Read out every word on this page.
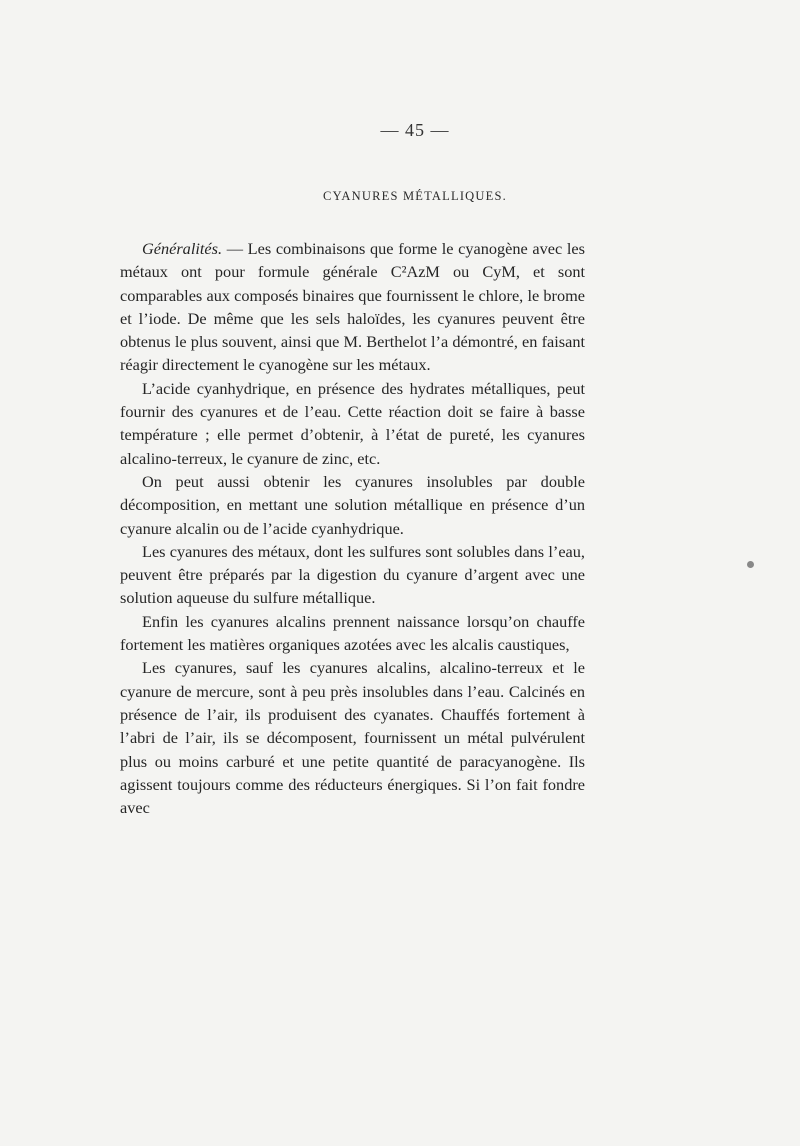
— 45 —
CYANURES MÉTALLIQUES.

Généralités. — Les combinaisons que forme le cyanogène avec les métaux ont pour formule générale C²AzM ou CyM, et sont comparables aux composés binaires que fournissent le chlore, le brome et l’iode. De même que les sels haloïdes, les cyanures peuvent être obtenus le plus souvent, ainsi que M. Berthelot l’a démontré, en faisant réagir directement le cyanogène sur les métaux.

L’acide cyanhydrique, en présence des hydrates métalliques, peut fournir des cyanures et de l’eau. Cette réaction doit se faire à basse température ; elle permet d’obtenir, à l’état de pureté, les cyanures alcalino-terreux, le cyanure de zinc, etc.

On peut aussi obtenir les cyanures insolubles par double décomposition, en mettant une solution métallique en présence d’un cyanure alcalin ou de l’acide cyanhydrique.

Les cyanures des métaux, dont les sulfures sont solubles dans l’eau, peuvent être préparés par la digestion du cyanure d’argent avec une solution aqueuse du sulfure métallique.

Enfin les cyanures alcalins prennent naissance lorsqu’on chauffe fortement les matières organiques azotées avec les alcalis caustiques,

Les cyanures, sauf les cyanures alcalins, alcalino-terreux et le cyanure de mercure, sont à peu près insolubles dans l’eau. Calcinés en présence de l’air, ils produisent des cyanates. Chauffés fortement à l’abri de l’air, ils se décomposent, fournissent un métal pulvérulent plus ou moins carburé et une petite quantité de paracyanogène. Ils agissent toujours comme des réducteurs énergiques. Si l’on fait fondre avec
